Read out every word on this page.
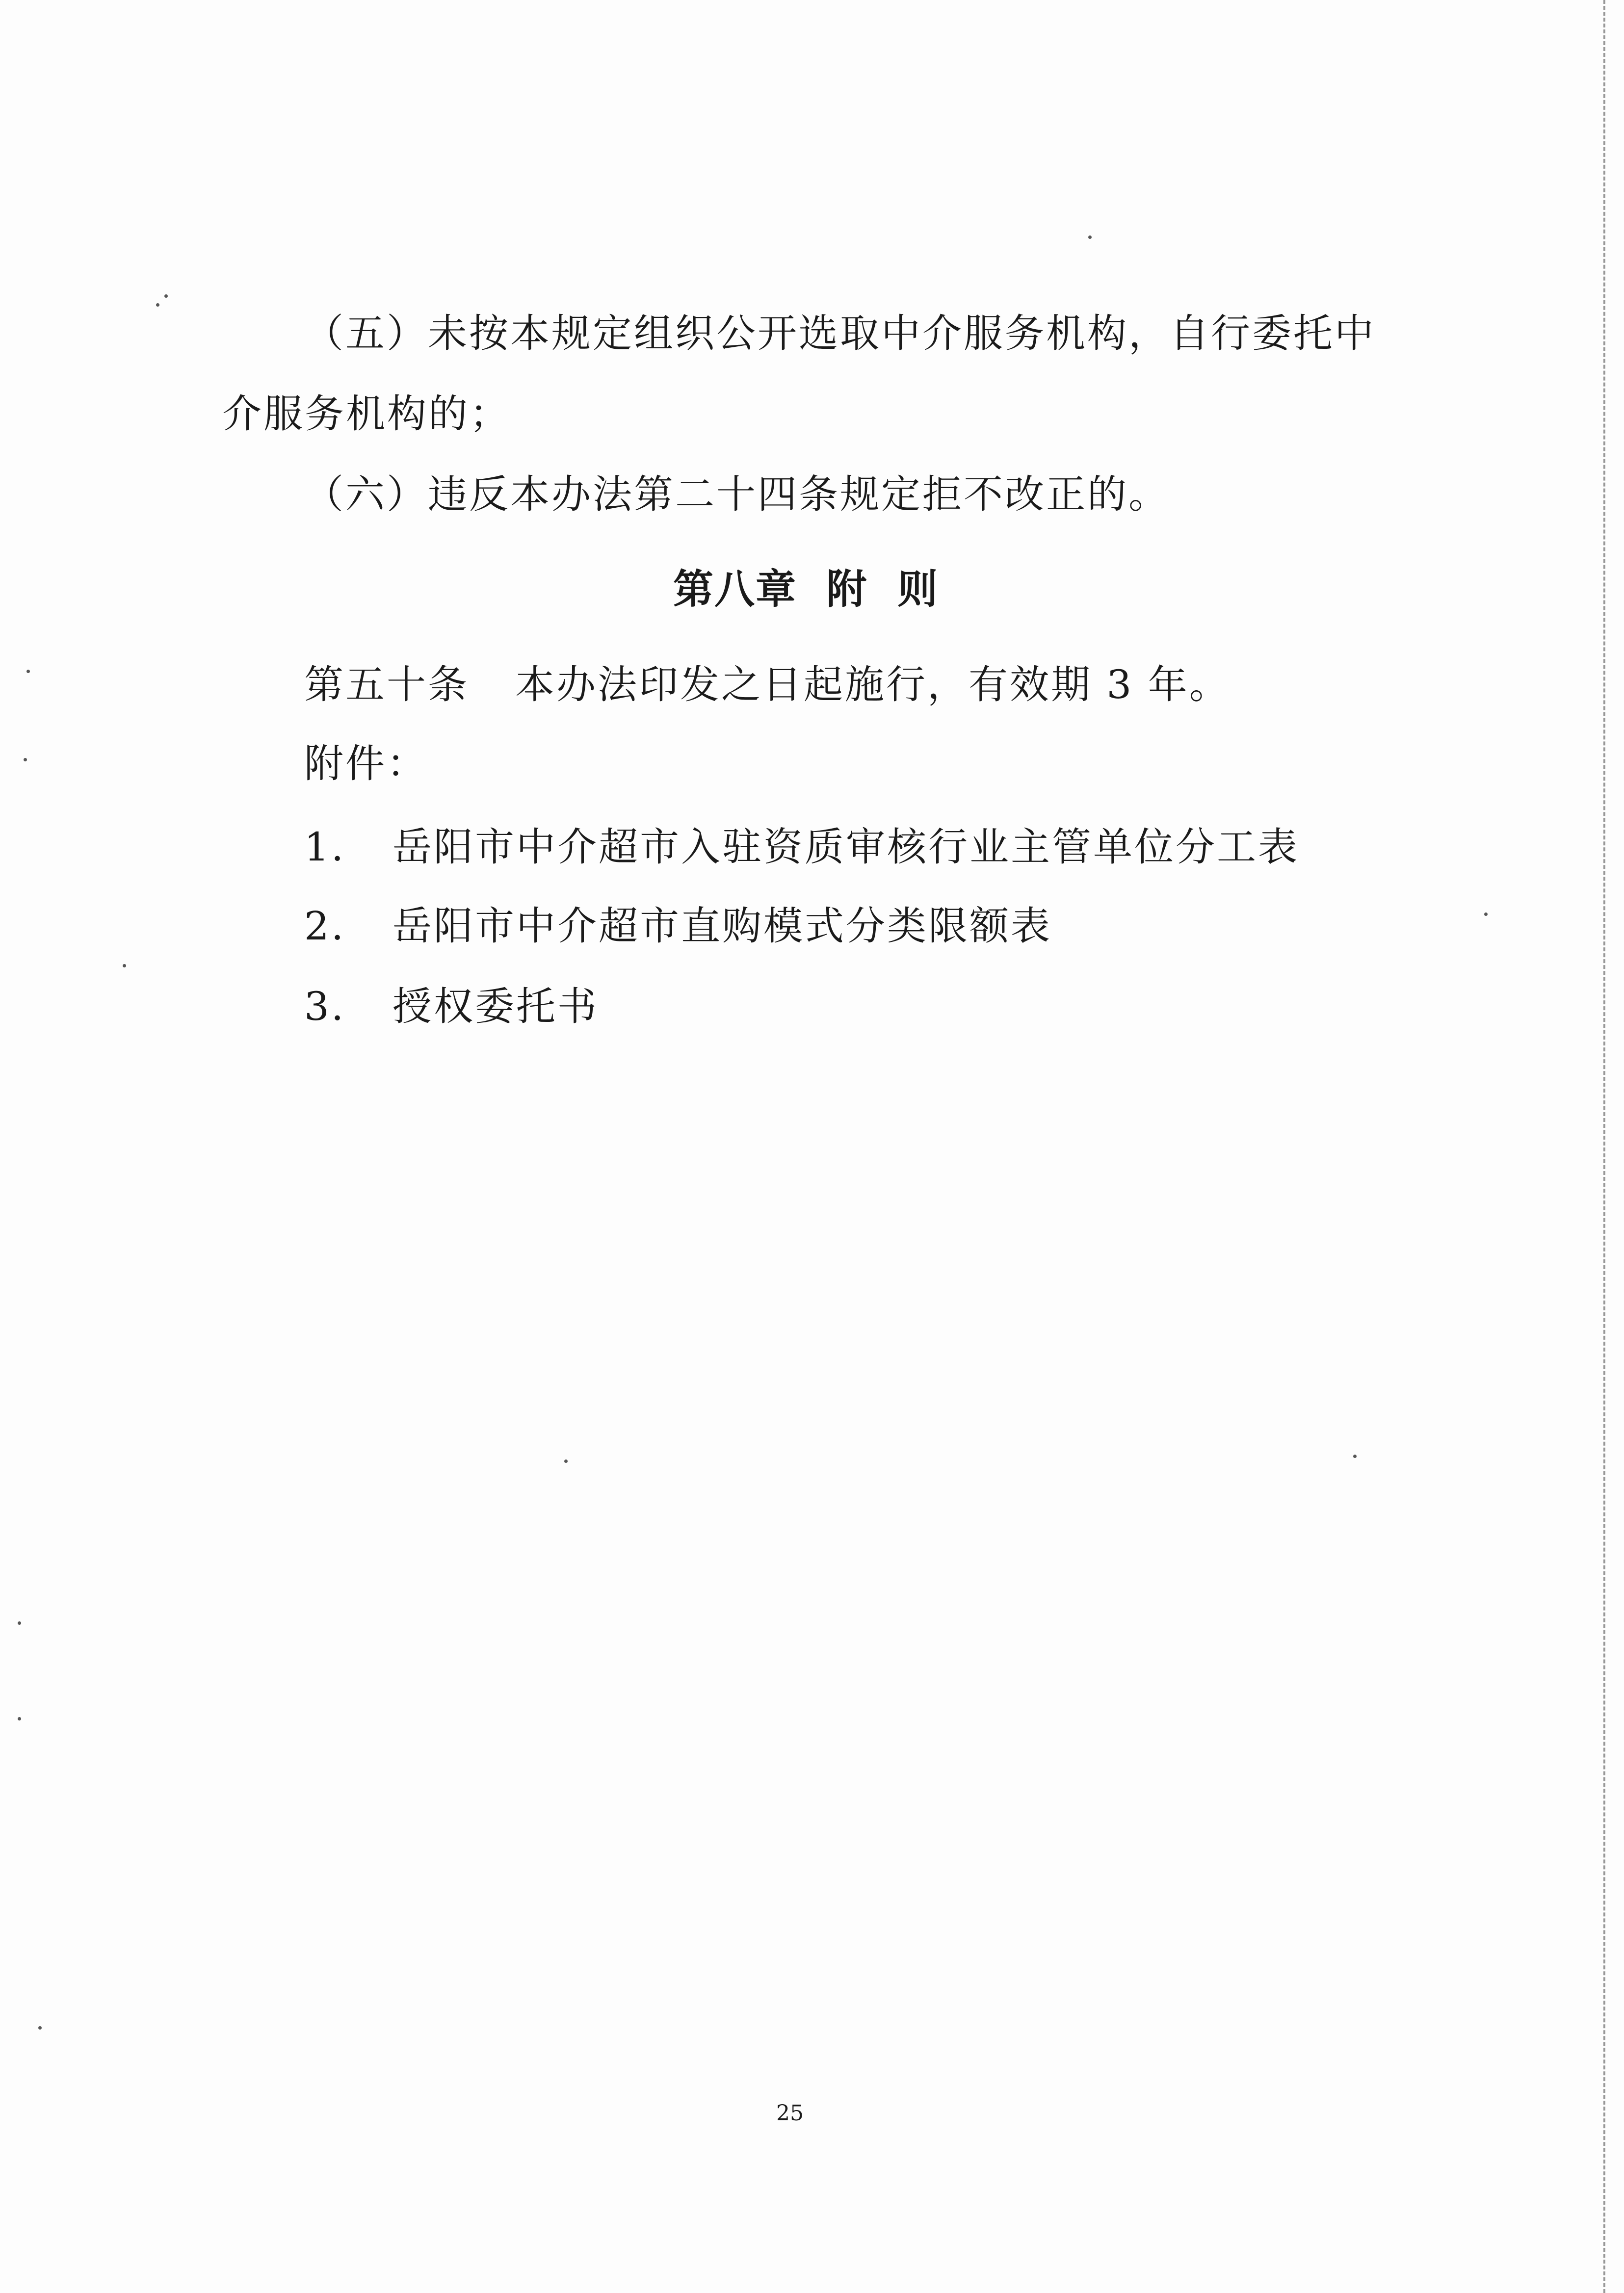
（五）未按本规定组织公开选取中介服务机构，自行委托中

介服务机构的；

（六）违反本办法第二十四条规定拒不改正的。

第八章 附 则

第五十条 本办法印发之日起施行，有效期 3 年。

附件：

1. 岳阳市中介超市入驻资质审核行业主管单位分工表

2. 岳阳市中介超市直购模式分类限额表

3. 授权委托书

25
